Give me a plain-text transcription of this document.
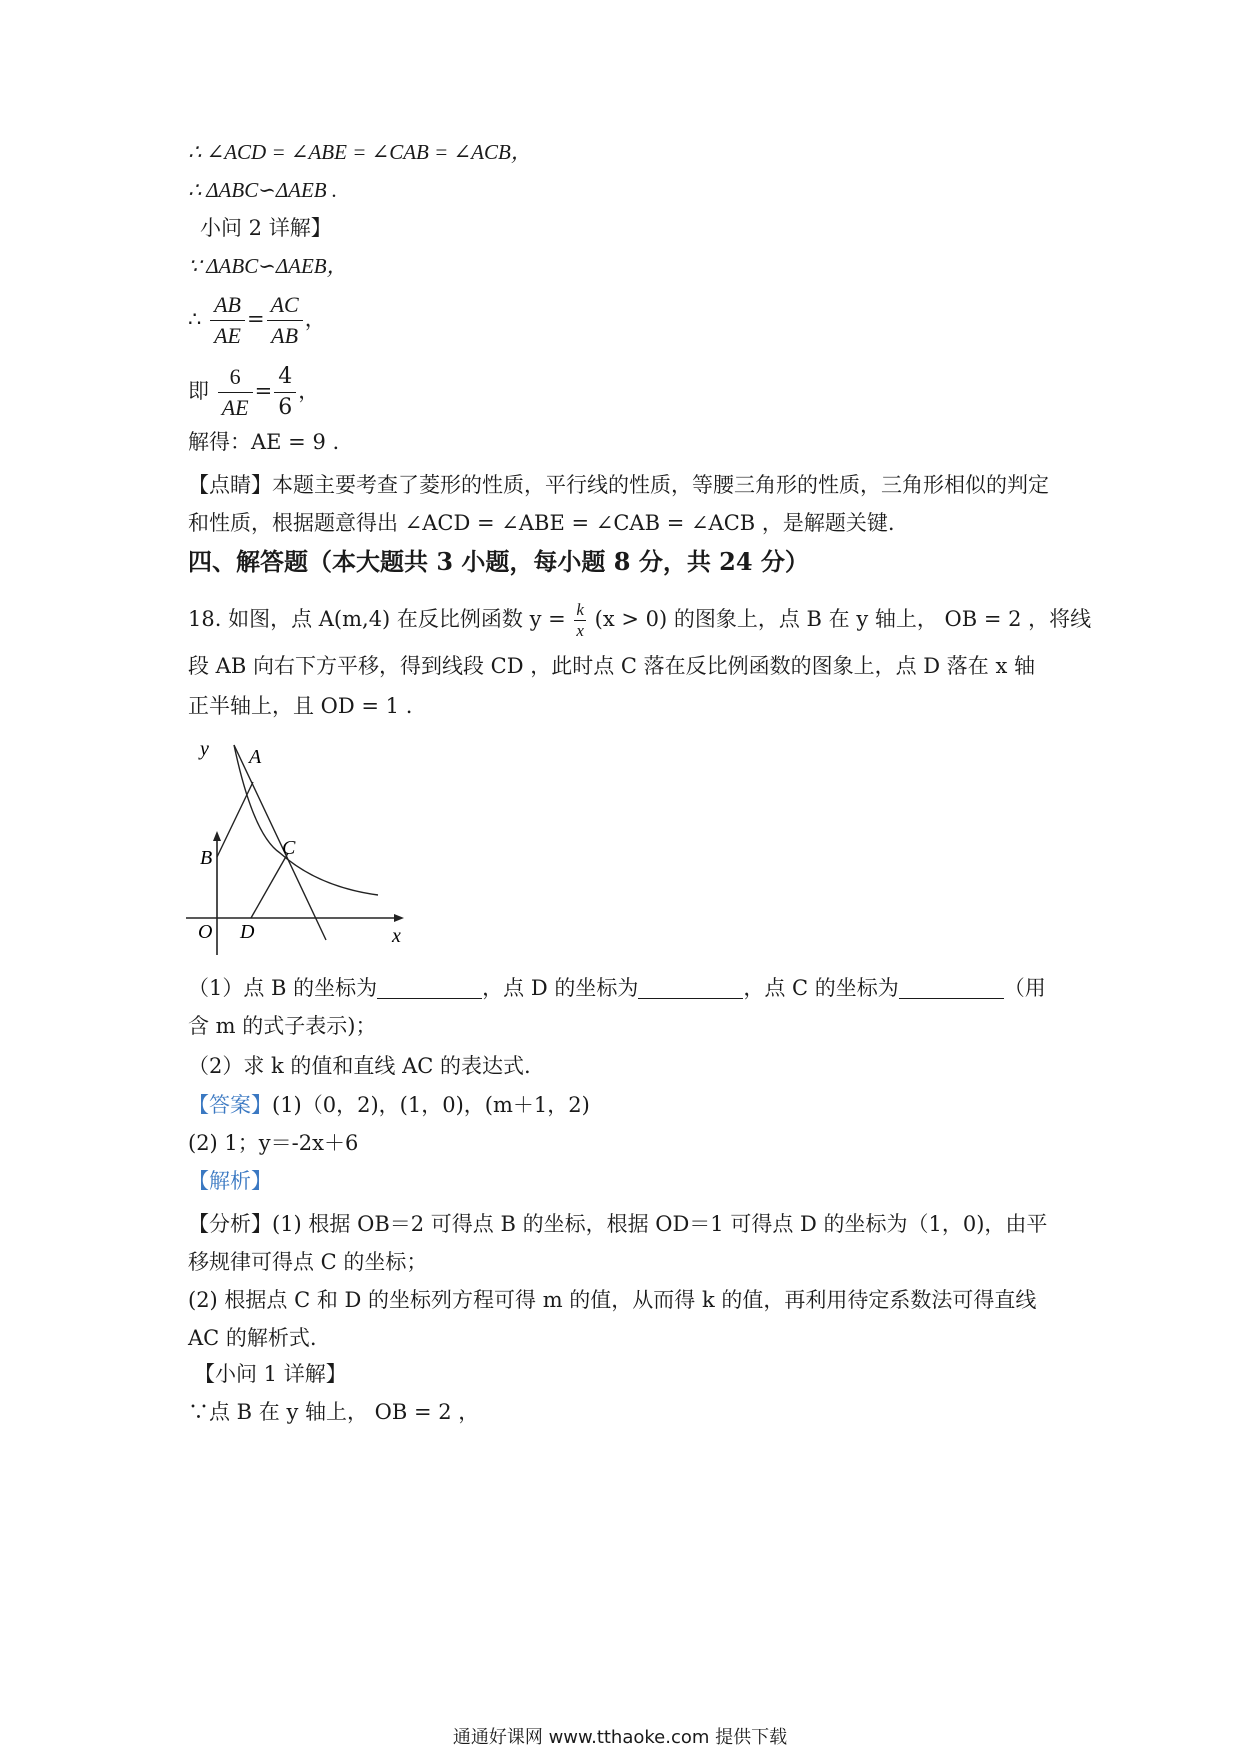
∴ ∠ACD = ∠ABE = ∠CAB = ∠ACB，
∴ ΔABC∽ΔAEB .
小问 2 详解】
∵ ΔABC∽ΔAEB，
∴ $\frac{AB}{AE} = \frac{AC}{AB}$ ，
即 $\frac{6}{AE} = \frac{4}{6}$ ，
解得：AE = 9 .
【点睛】本题主要考查了菱形的性质，平行线的性质，等腰三角形的性质，三角形相似的判定和性质，根据题意得出 ∠ACD = ∠ABE = ∠CAB = ∠ACB ，是解题关键.
四、解答题（本大题共 3 小题，每小题 8 分，共 24 分）
18. 如图，点 A(m,4) 在反比例函数 $y = \frac{k}{x} (x > 0)$ 的图象上，点 B 在 y 轴上， OB = 2 ，将线
段 AB 向右下方平移，得到线段 CD ，此时点 C 落在反比例函数的图象上，点 D 落在 x 轴
正半轴上，且 OD = 1 .
y
x
O
A
B	C
D
（1）点 B 的坐标为	，点 D 的坐标为	，点 C 的坐标为	（用
含 m 的式子表示)；
（2）求 k 的值和直线 AC 的表达式.
【答案】(1)（0，2)，(1，0)，(m＋1，2)
(2) 1；y＝-2x＋6
【解析】
【分析】(1) 根据 OB＝2 可得点 B 的坐标，根据 OD＝1 可得点 D 的坐标为（1，0)，由平移规律可得点 C 的坐标；
(2) 根据点 C 和 D 的坐标列方程可得 m 的值，从而得 k 的值，再利用待定系数法可得直线 AC 的解析式.
【小问 1 详解】
∵点 B 在 y 轴上， OB = 2 ，
通通好课网 www.tthaoke.com 提供下载
